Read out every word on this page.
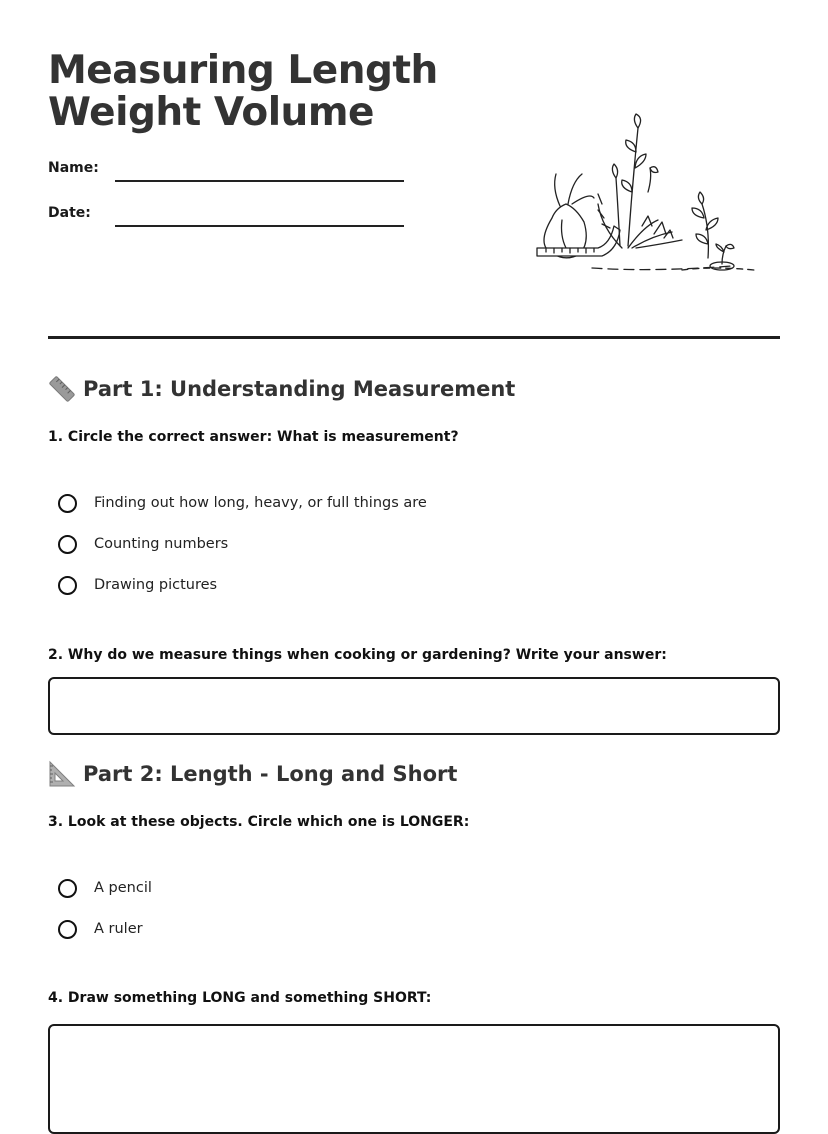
Measuring Length
Weight Volume
Name:
Date:
Part 1: Understanding Measurement

1. Circle the correct answer: What is measurement?

Finding out how long, heavy, or full things are
Counting numbers
Drawing pictures

2. Why do we measure things when cooking or gardening? Write your answer:

Part 2: Length - Long and Short

3. Look at these objects. Circle which one is LONGER:

A pencil
A ruler

4. Draw something LONG and something SHORT:
